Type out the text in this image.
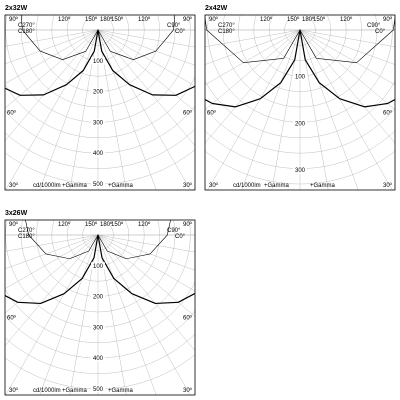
2x32W
90º	120º 150º 180º
150º 120º	90º
C270°
C180°
C90°
C0°
60º	60º
30º	cd/1000lm +Gamma	+Gamma	30º
100
200
300
400
500
2x42W
90º	120º 150º 180º
150º 120º	90º
C270°
C180°
C90°
C0°
60º	60º
30º	cd/1000lm +Gamma	+Gamma	30º
100
200
300
3x26W
90º	120º 150º 180º
150º 120º	90º
C270°
C180°
C90°
C0°
60º	60º
30º	cd/1000lm +Gamma	+Gamma	30º
100
200
300
400
500
